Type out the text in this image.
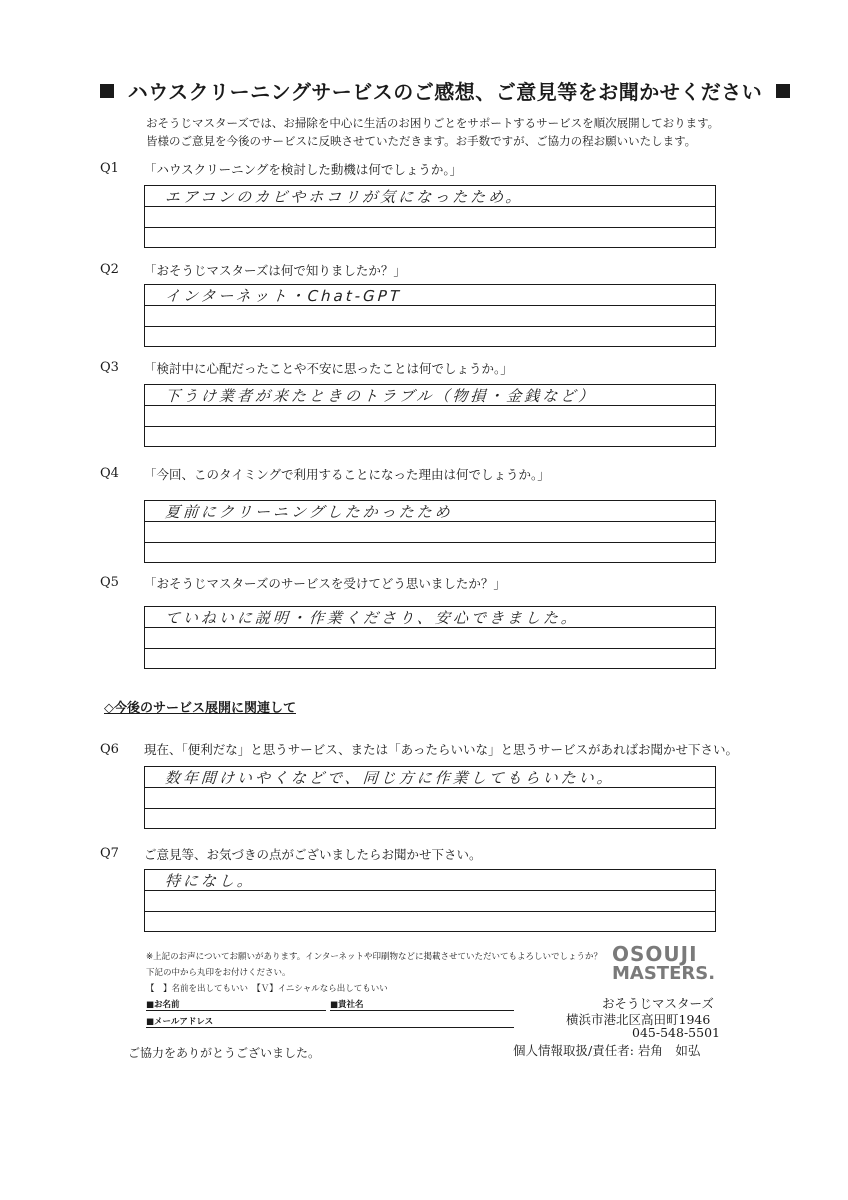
ハウスクリーニングサービスのご感想、ご意見等をお聞かせください
おそうじマスターズでは、お掃除を中心に生活のお困りごとをサポートするサービスを順次展開しております。
皆様のご意見を今後のサービスに反映させていただきます。お手数ですが、ご協力の程お願いいたします。
Q1 「ハウスクリーニングを検討した動機は何でしょうか。」
エアコンのカビやホコリが気になったため。
Q2 「おそうじマスターズは何で知りましたか？」
インターネット・Chat-GPT
Q3 「検討中に心配だったことや不安に思ったことは何でしょうか。」
下うけ業者が来たときのトラブル（物損・金銭など）
Q4 「今回、このタイミングで利用することになった理由は何でしょうか。」
夏前にクリーニングしたかったため
Q5 「おそうじマスターズのサービスを受けてどう思いましたか？」
ていねいに説明・作業くださり、安心できました。
◇今後のサービス展開に関連して
Q6 現在、「便利だな」と思うサービス、または「あったらいいな」と思うサービスがあればお聞かせ下さい。
数年間けいやくなどで、同じ方に作業してもらいたい。
Q7 ご意見等、お気づきの点がございましたらお聞かせ下さい。
特になし。
※上記のお声についてお願いがあります。インターネットや印刷物などに掲載させていただいてもよろしいでしょうか？
下記の中から丸印をお付けください。
【　】名前を出してもいい　【Ｖ】イニシャルなら出してもいい
■お名前	■貴社名
■メールアドレス
ご協力をありがとうございました。
OSOUJI
MASTERS.
おそうじマスターズ
横浜市港北区高田町1946
045-548-5501
個人情報取扱/責任者: 岩角　如弘
